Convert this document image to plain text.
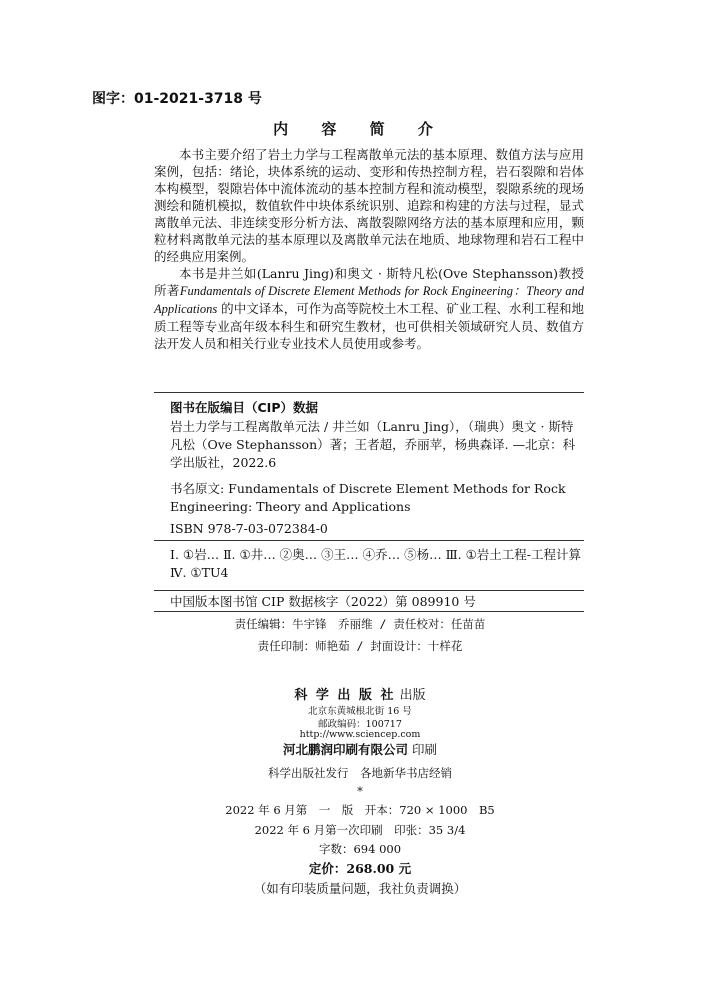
图字：01-2021-3718 号
内 容 简 介

本书主要介绍了岩土力学与工程离散单元法的基本原理、数值方法与应用案例，包括：绪论，块体系统的运动、变形和传热控制方程，岩石裂隙和岩体本构模型，裂隙岩体中流体流动的基本控制方程和流动模型，裂隙系统的现场测绘和随机模拟，数值软件中块体系统识别、追踪和构建的方法与过程，显式离散单元法、非连续变形分析方法、离散裂隙网络方法的基本原理和应用，颗粒材料离散单元法的基本原理以及离散单元法在地质、地球物理和岩石工程中的经典应用案例。

本书是井兰如(Lanru Jing)和奥文 · 斯特凡松(Ove Stephansson)教授所著Fundamentals of Discrete Element Methods for Rock Engineering：Theory and Applications 的中文译本，可作为高等院校土木工程、矿业工程、水利工程和地质工程等专业高年级本科生和研究生教材，也可供相关领域研究人员、数值方法开发人员和相关行业专业技术人员使用或参考。

图书在版编目（CIP）数据
岩土力学与工程离散单元法 / 井兰如（Lanru Jing），（瑞典）奥文 · 斯特凡松（Ove Stephansson）著；王者超，乔丽苹，杨典森译. —北京：科学出版社，2022.6
书名原文: Fundamentals of Discrete Element Methods for Rock Engineering: Theory and Applications
ISBN 978-7-03-072384-0
Ⅰ. ①岩… Ⅱ. ①井… ②奥… ③王… ④乔… ⑤杨… Ⅲ. ①岩土工程-工程计算 Ⅳ. ①TU4
中国版本图书馆 CIP 数据核字（2022）第 089910 号
责任编辑：牛宇锋　乔丽维 / 责任校对：任苗苗
责任印制：师艳茹 / 封面设计：十样花
科 学 出 版 社 出版
北京东黄城根北街 16 号
邮政编码：100717
http://www.sciencep.com
河北鹏润印刷有限公司 印刷
科学出版社发行　各地新华书店经销
*
2022 年 6 月第　一　版　开本：720 × 1000　B5
2022 年 6 月第一次印刷　印张：35 3/4
字数：694 000
定价：268.00 元
（如有印装质量问题，我社负责调换）
